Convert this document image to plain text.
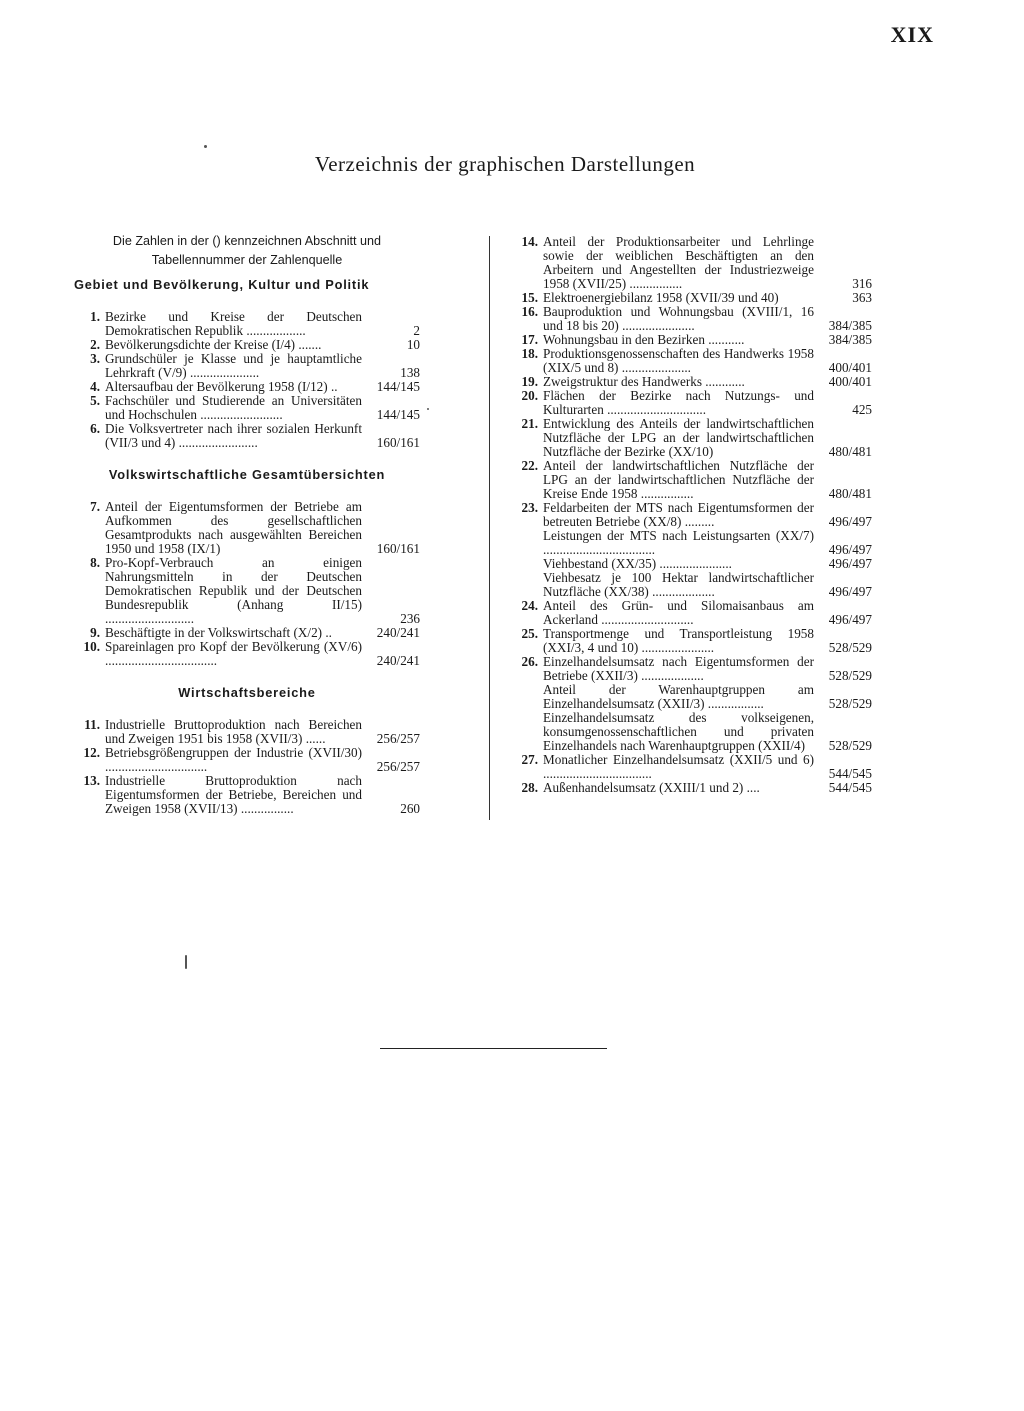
XIX
Verzeichnis der graphischen Darstellungen

Die Zahlen in der () kennzeichnen Abschnitt und
Tabellennummer der Zahlenquelle

Gebiet und Bevölkerung, Kultur und Politik
1. Bezirke und Kreise der Deutschen Demokratischen Republik ..................	2
2. Bevölkerungsdichte der Kreise (I/4) .......	10
3. Grundschüler je Klasse und je hauptamtliche Lehrkraft (V/9) .....................	138
4. Altersaufbau der Bevölkerung 1958 (I/12) ..	144/145
5. Fachschüler und Studierende an Universitäten und Hochschulen .........................	144/145
6. Die Volksvertreter nach ihrer sozialen Herkunft (VII/3 und 4) ........................	160/161
Volkswirtschaftliche Gesamtübersichten
7. Anteil der Eigentumsformen der Betriebe am Aufkommen des gesellschaftlichen Gesamtprodukts nach ausgewählten Bereichen 1950 und 1958 (IX/1)	160/161
8. Pro-Kopf-Verbrauch an einigen Nahrungsmitteln in der Deutschen Demokratischen Republik und der Deutschen Bundesrepublik (Anhang II/15) ...........................	236
9. Beschäftigte in der Volkswirtschaft (X/2) ..	240/241
10. Spareinlagen pro Kopf der Bevölkerung (XV/6) ..................................	240/241
Wirtschaftsbereiche
11. Industrielle Bruttoproduktion nach Bereichen und Zweigen 1951 bis 1958 (XVII/3) ......	256/257
12. Betriebsgrößengruppen der Industrie (XVII/30) ...............................	256/257
13. Industrielle Bruttoproduktion nach Eigentumsformen der Betriebe, Bereichen und Zweigen 1958 (XVII/13) ................	260
14. Anteil der Produktionsarbeiter und Lehrlinge sowie der weiblichen Beschäftigten an den Arbeitern und Angestellten der Industriezweige 1958 (XVII/25) ................	316
15. Elektroenergiebilanz 1958 (XVII/39 und 40)	363
16. Bauproduktion und Wohnungsbau (XVIII/1, 16 und 18 bis 20) ......................	384/385
17. Wohnungsbau in den Bezirken ...........	384/385
18. Produktionsgenossenschaften des Handwerks 1958 (XIX/5 und 8) .....................	400/401
19. Zweigstruktur des Handwerks ............	400/401
20. Flächen der Bezirke nach Nutzungs- und Kulturarten ..............................	425
21. Entwicklung des Anteils der landwirtschaftlichen Nutzfläche der LPG an der landwirtschaftlichen Nutzfläche der Bezirke (XX/10)	480/481
22. Anteil der landwirtschaftlichen Nutzfläche der LPG an der landwirtschaftlichen Nutzfläche der Kreise Ende 1958 ................	480/481
23. Feldarbeiten der MTS nach Eigentumsformen der betreuten Betriebe (XX/8) .........	496/497
Leistungen der MTS nach Leistungsarten (XX/7) ..................................	496/497
Viehbestand (XX/35) ......................	496/497
Viehbesatz je 100 Hektar landwirtschaftlicher Nutzfläche (XX/38) ...................	496/497
24. Anteil des Grün- und Silomaisanbaus am Ackerland ............................	496/497
25. Transportmenge und Transportleistung 1958 (XXI/3, 4 und 10) ......................	528/529
26. Einzelhandelsumsatz nach Eigentumsformen der Betriebe (XXII/3) ...................	528/529
Anteil der Warenhauptgruppen am Einzelhandelsumsatz (XXII/3) .................	528/529
Einzelhandelsumsatz des volkseigenen, konsumgenossenschaftlichen und privaten Einzelhandels nach Warenhauptgruppen (XXII/4)	528/529
27. Monatlicher Einzelhandelsumsatz (XXII/5 und 6) .................................	544/545
28. Außenhandelsumsatz (XXIII/1 und 2) ....	544/545
